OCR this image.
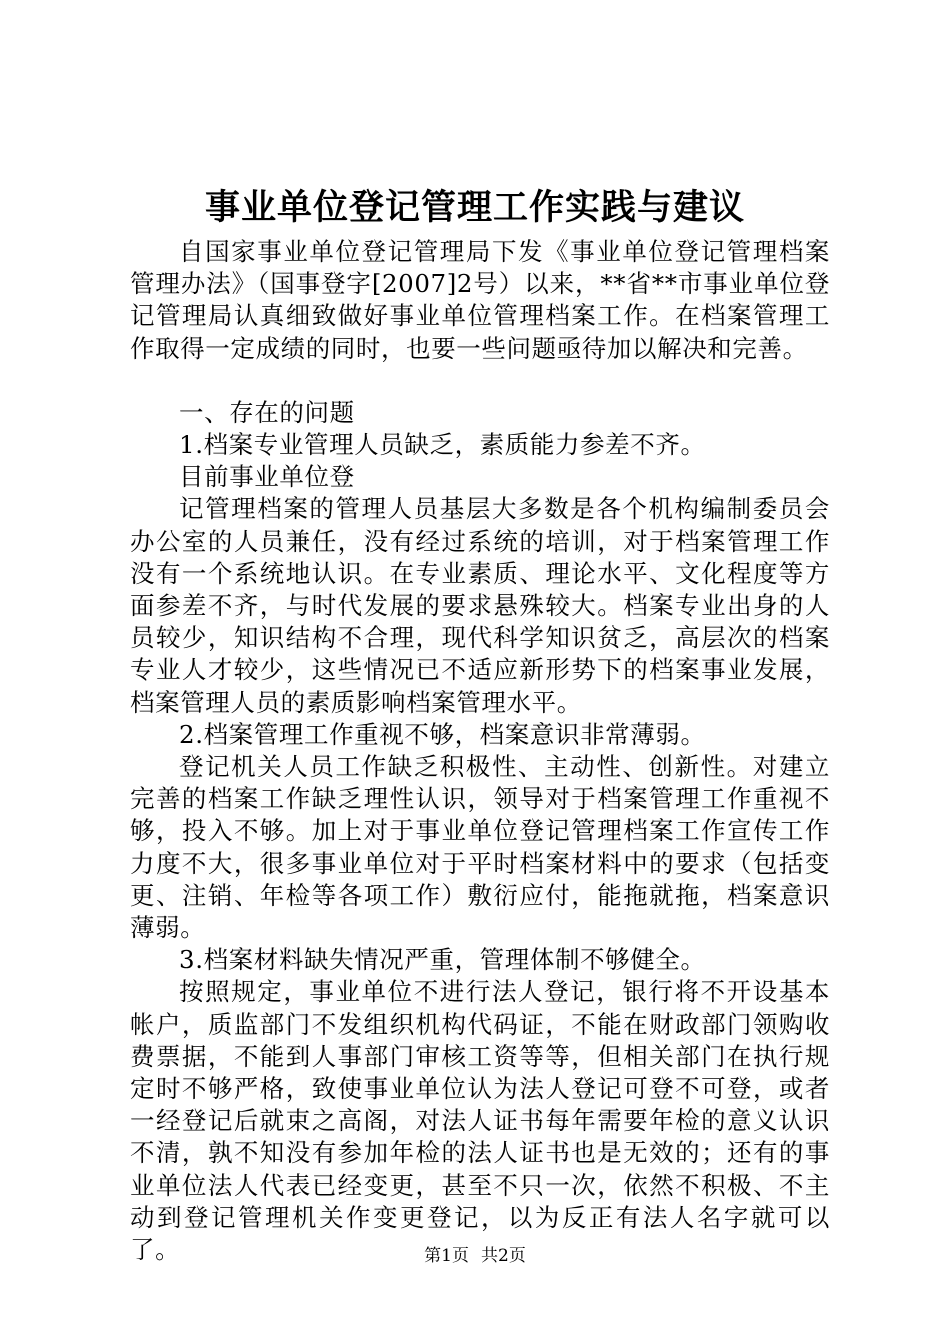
事业单位登记管理工作实践与建议

自国家事业单位登记管理局下发《事业单位登记管理档案管理办法》（国事登字[2007]2号）以来，**省**市事业单位登记管理局认真细致做好事业单位管理档案工作。在档案管理工作取得一定成绩的同时，也要一些问题亟待加以解决和完善。

一、存在的问题

1.档案专业管理人员缺乏，素质能力参差不齐。

目前事业单位登

记管理档案的管理人员基层大多数是各个机构编制委员会办公室的人员兼任，没有经过系统的培训，对于档案管理工作没有一个系统地认识。在专业素质、理论水平、文化程度等方面参差不齐，与时代发展的要求悬殊较大。档案专业出身的人员较少，知识结构不合理，现代科学知识贫乏，高层次的档案专业人才较少，这些情况已不适应新形势下的档案事业发展，档案管理人员的素质影响档案管理水平。

2.档案管理工作重视不够，档案意识非常薄弱。

登记机关人员工作缺乏积极性、主动性、创新性。对建立完善的档案工作缺乏理性认识，领导对于档案管理工作重视不够，投入不够。加上对于事业单位登记管理档案工作宣传工作力度不大，很多事业单位对于平时档案材料中的要求（包括变更、注销、年检等各项工作）敷衍应付，能拖就拖，档案意识薄弱。

3.档案材料缺失情况严重，管理体制不够健全。

按照规定，事业单位不进行法人登记，银行将不开设基本帐户，质监部门不发组织机构代码证，不能在财政部门领购收费票据，不能到人事部门审核工资等等，但相关部门在执行规定时不够严格，致使事业单位认为法人登记可登不可登，或者一经登记后就束之高阁，对法人证书每年需要年检的意义认识不清，孰不知没有参加年检的法人证书也是无效的；还有的事业单位法人代表已经变更，甚至不只一次，依然不积极、不主动到登记管理机关作变更登记，以为反正有法人名字就可以了。	第1页 共2页
